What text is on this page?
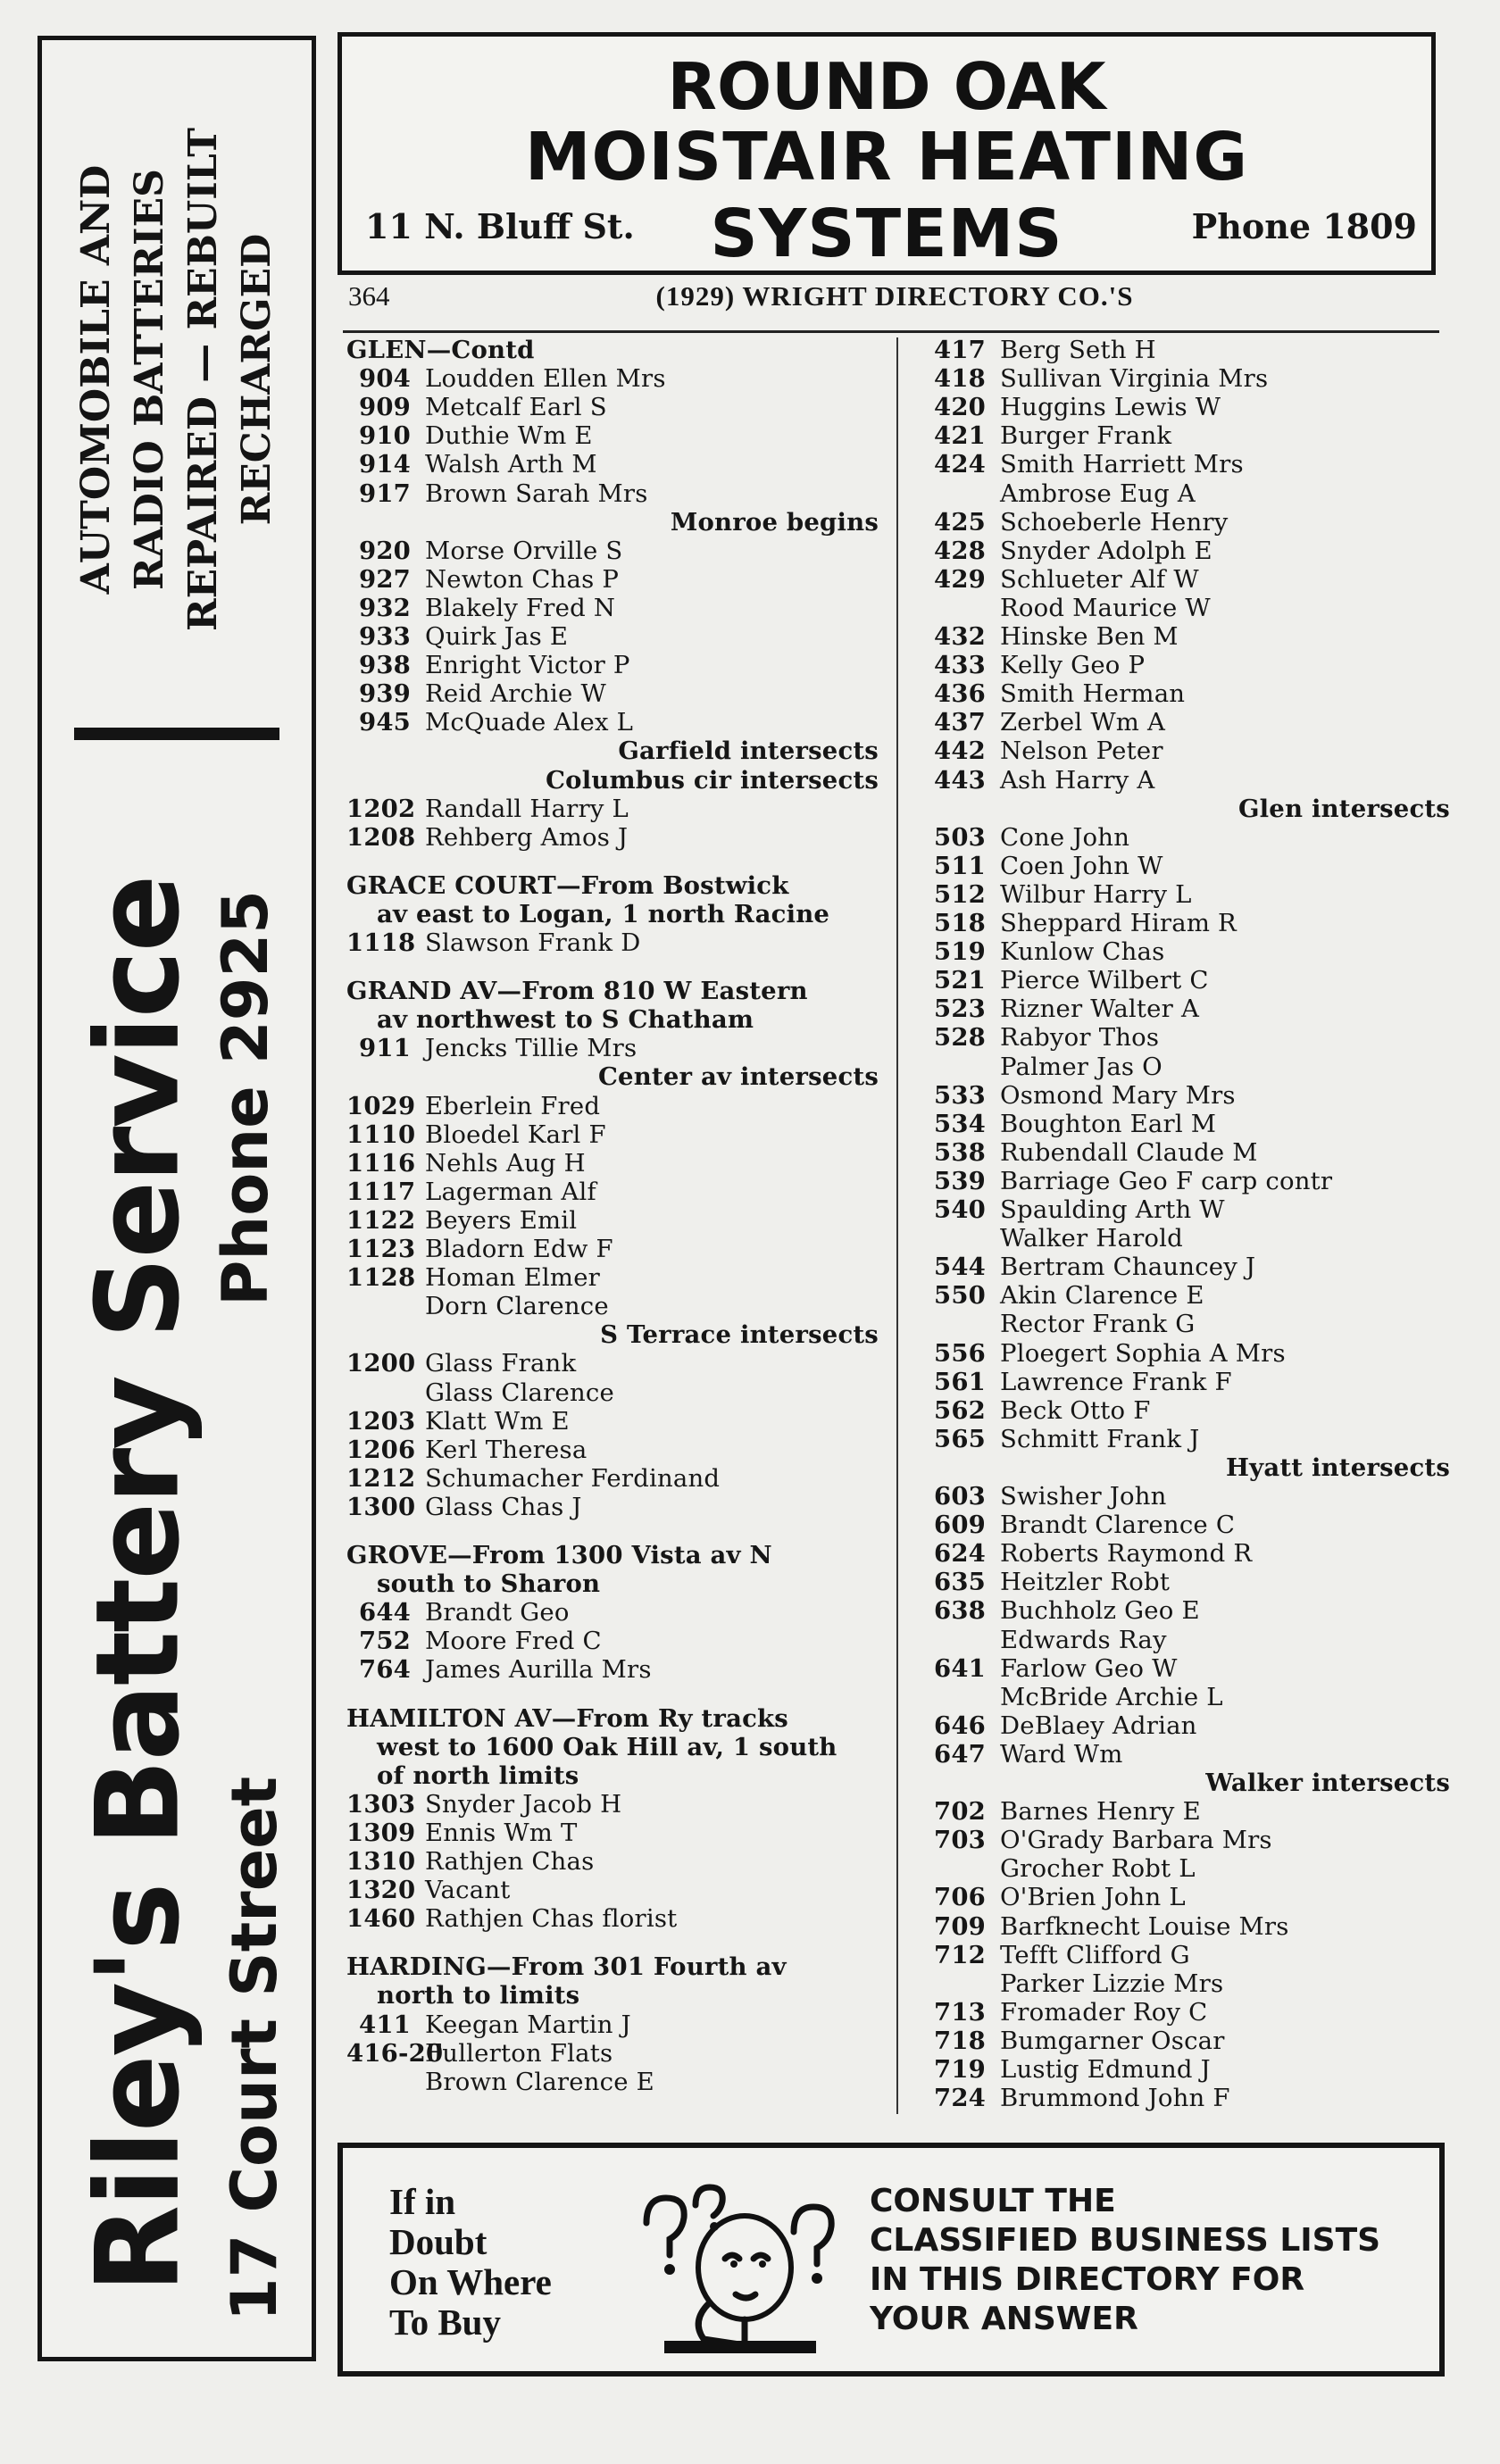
AUTOMOBILE AND RADIO BATTERIES REPAIRED — REBUILT RECHARGED
Phone 2925
Riley's Battery Service 17 Court Street
ROUND OAK
MOISTAIR HEATING SYSTEMS
11 N. Bluff St.	Phone 1809
364	(1929) WRIGHT DIRECTORY CO.'S
GLEN—Contd
904 Loudden Ellen Mrs
909 Metcalf Earl S
910 Duthie Wm E
914 Walsh Arth M
917 Brown Sarah Mrs
Monroe begins
920 Morse Orville S
927 Newton Chas P
932 Blakely Fred N
933 Quirk Jas E
938 Enright Victor P
939 Reid Archie W
945 McQuade Alex L
Garfield intersects
Columbus cir intersects
1202 Randall Harry L
1208 Rehberg Amos J
GRACE COURT—From Bostwick
av east to Logan, 1 north Racine
1118 Slawson Frank D
GRAND AV—From 810 W Eastern
av northwest to S Chatham
911 Jencks Tillie Mrs
Center av intersects
1029 Eberlein Fred
1110 Bloedel Karl F
1116 Nehls Aug H
1117 Lagerman Alf
1122 Beyers Emil
1123 Bladorn Edw F
1128 Homan Elmer
Dorn Clarence
S Terrace intersects
1200 Glass Frank
Glass Clarence
1203 Klatt Wm E
1206 Kerl Theresa
1212 Schumacher Ferdinand
1300 Glass Chas J
GROVE—From 1300 Vista av N
south to Sharon
644 Brandt Geo
752 Moore Fred C
764 James Aurilla Mrs
HAMILTON AV—From Ry tracks
west to 1600 Oak Hill av, 1 south
of north limits
1303 Snyder Jacob H
1309 Ennis Wm T
1310 Rathjen Chas
1320 Vacant
1460 Rathjen Chas florist
HARDING—From 301 Fourth av
north to limits
411 Keegan Martin J
416-20
Fullerton Flats
Brown Clarence E
417 Berg Seth H
418 Sullivan Virginia Mrs
420 Huggins Lewis W
421 Burger Frank
424 Smith Harriett Mrs
Ambrose Eug A
425 Schoeberle Henry
428 Snyder Adolph E
429 Schlueter Alf W
Rood Maurice W
432 Hinske Ben M
433 Kelly Geo P
436 Smith Herman
437 Zerbel Wm A
442 Nelson Peter
443 Ash Harry A
Glen intersects
503 Cone John
511 Coen John W
512 Wilbur Harry L
518 Sheppard Hiram R
519 Kunlow Chas
521 Pierce Wilbert C
523 Rizner Walter A
528 Rabyor Thos
Palmer Jas O
533 Osmond Mary Mrs
534 Boughton Earl M
538 Rubendall Claude M
539 Barriage Geo F carp contr
540 Spaulding Arth W
Walker Harold
544 Bertram Chauncey J
550 Akin Clarence E
Rector Frank G
556 Ploegert Sophia A Mrs
561 Lawrence Frank F
562 Beck Otto F
565 Schmitt Frank J
Hyatt intersects
603 Swisher John
609 Brandt Clarence C
624 Roberts Raymond R
635 Heitzler Robt
638 Buchholz Geo E
Edwards Ray
641 Farlow Geo W
McBride Archie L
646 DeBlaey Adrian
647 Ward Wm
Walker intersects
702 Barnes Henry E
703 O'Grady Barbara Mrs
Grocher Robt L
706 O'Brien John L
709 Barfknecht Louise Mrs
712 Tefft Clifford G
Parker Lizzie Mrs
713 Fromader Roy C
718 Bumgarner Oscar
719 Lustig Edmund J
724 Brummond John F
If in
Doubt
On Where
To Buy
CONSULT THE
CLASSIFIED BUSINESS LISTS
IN THIS DIRECTORY FOR
YOUR ANSWER
